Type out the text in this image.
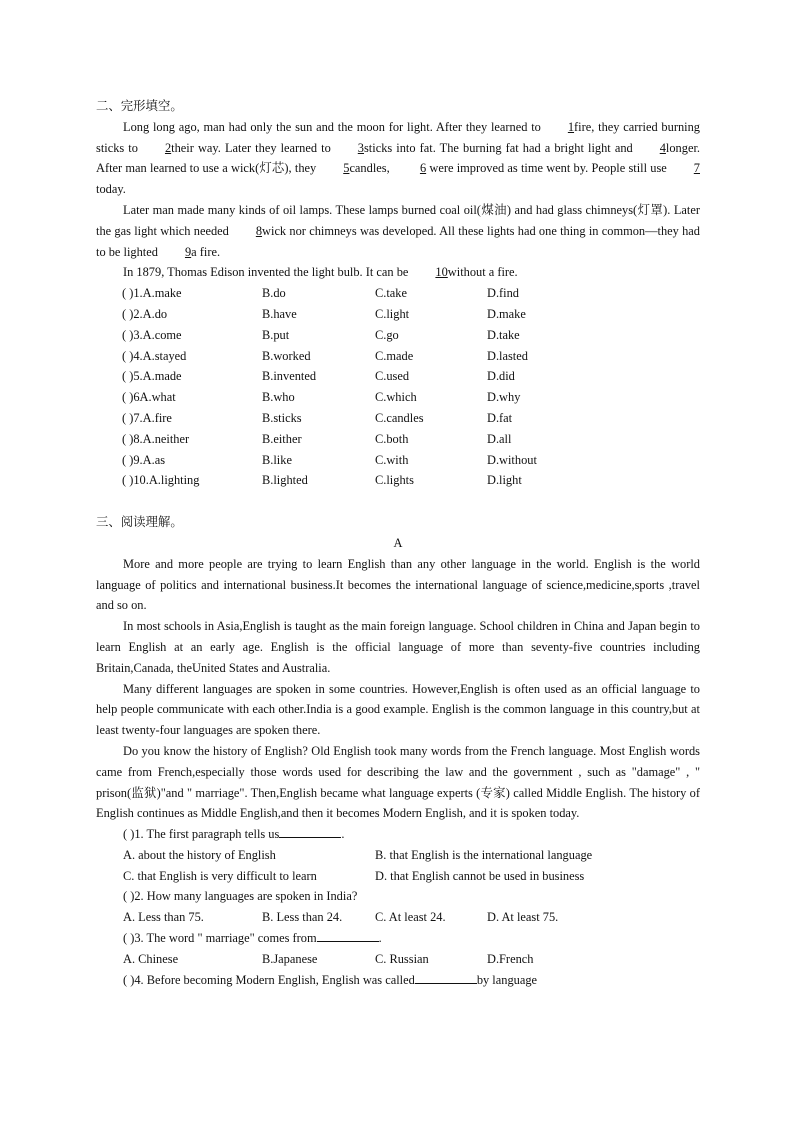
二、完形填空。

Long long ago, man had only the sun and the moon for light. After they learned to1fire, they carried burning sticks to2their way. Later they learned to3sticks into fat. The burning fat had a bright light and4longer. After man learned to use a wick(灯芯), they5candles, 6 were improved as time went by. People still use7today.

Later man made many kinds of oil lamps. These lamps burned coal oil(煤油) and had glass chimneys(灯罩). Later the gas light which needed8wick nor chimneys was developed. All these lights had one thing in common—they had to be lighted9a fire.

In 1879, Thomas Edison invented the light bulb. It can be10without a fire.

( )1.A.make	B.do	C.take	D.find
( )2.A.do	B.have	C.light	D.make
( )3.A.come	B.put	C.go	D.take
( )4.A.stayed	B.worked	C.made	D.lasted
( )5.A.made	B.invented	C.used	D.did
( )6A.what	B.who	C.which	D.why
( )7.A.fire	B.sticks	C.candles	D.fat
( )8.A.neither	B.either	C.both	D.all
( )9.A.as	B.like	C.with	D.without
( )10.A.lighting	B.lighted	C.lights	D.light

三、阅读理解。

A

More and more people are trying to learn English than any other language in the world. English is the world language of politics and international business.It becomes the international language of science,medicine,sports ,travel and so on.

In most schools in Asia,English is taught as the main foreign language. School children in China and Japan begin to learn English at an early age. English is the official language of more than seventy-five countries including Britain,Canada, theUnited States and Australia.

Many different languages are spoken in some countries. However,English is often used as an official language to help people communicate with each other.India is a good example. English is the common language in this country,but at least twenty-four languages are spoken there.

Do you know the history of English? Old English took many words from the French language. Most English words came from French,especially those words used for describing the law and the government , such as "damage" , " prison(监狱)"and " marriage". Then,English became what language experts (专家) called Middle English. The history of English continues as Middle English,and then it becomes Modern English, and it is spoken today.

( )1. The first paragraph tells us	.

A. about the history of English	B. that English is the international language
C. that English is very difficult to learn	D. that English cannot be used in business

( )2. How many languages are spoken in India?

A. Less than 75.	B. Less than 24.	C. At least 24.	D. At least 75.

( )3. The word " marriage" comes from	.

A. Chinese	B.Japanese	C. Russian	D.French

( )4. Before becoming Modern English, English was called	by language
